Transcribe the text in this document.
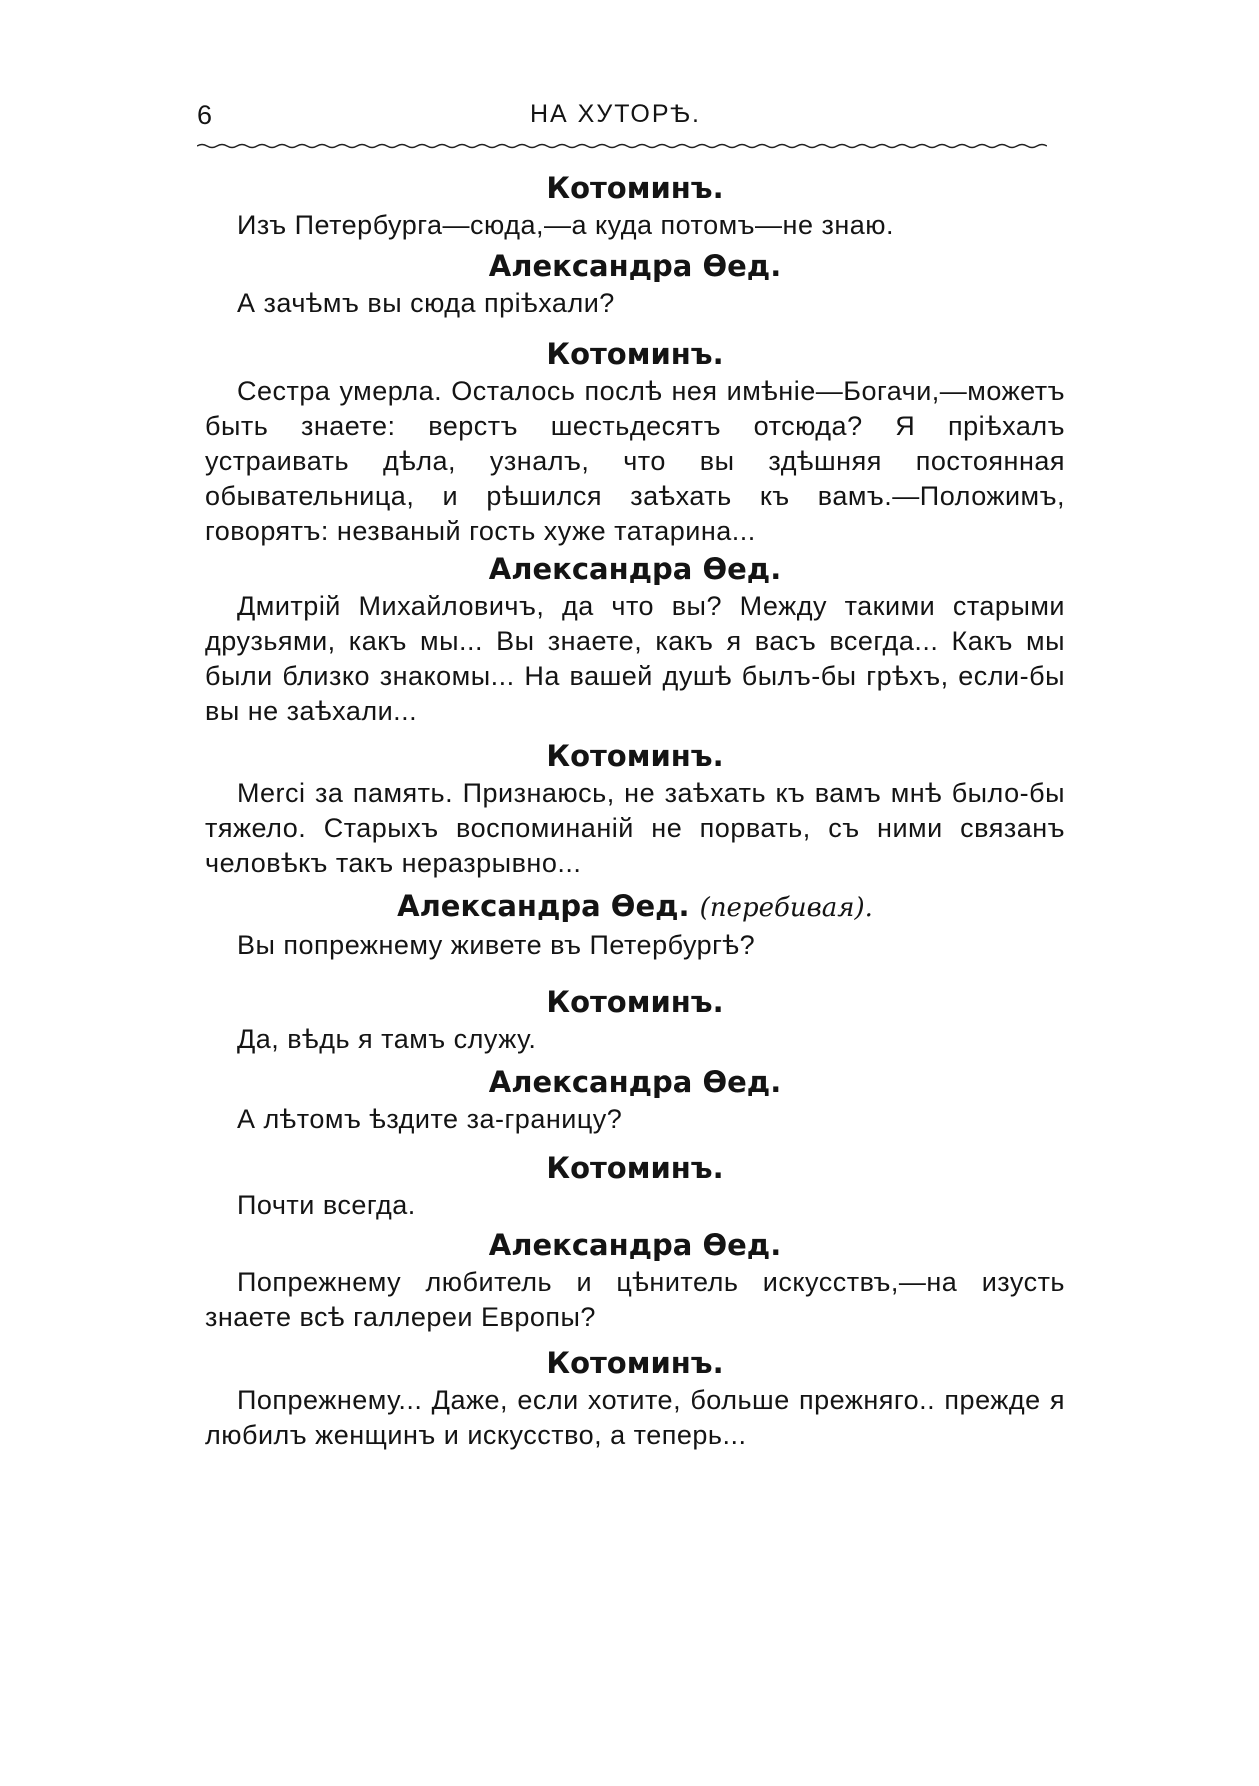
6	НА ХУТОРѢ.

Котоминъ.

Изъ Петербурга—сюда,—а куда потомъ—не знаю.

Александра Ѳед.

А зачѣмъ вы сюда пріѣхали?

Котоминъ.

Сестра умерла. Осталось послѣ нея имѣніе—Богачи,—можетъ быть знаете: верстъ шестьдесятъ отсюда? Я пріѣхалъ устраивать дѣла, узналъ, что вы здѣшняя постоянная обывательница, и рѣшился заѣхать къ вамъ.—Положимъ, говорятъ: незваный гость хуже татарина...

Александра Ѳед.

Дмитрій Михайловичъ, да что вы? Между такими старыми друзьями, какъ мы... Вы знаете, какъ я васъ всегда... Какъ мы были близко знакомы... На вашей душѣ былъ-бы грѣхъ, если-бы вы не заѣхали...

Котоминъ.

Merci за память. Признаюсь, не заѣхать къ вамъ мнѣ было-бы тяжело. Старыхъ воспоминаній не порвать, съ ними связанъ человѣкъ такъ неразрывно...

Александра Ѳед. (перебивая).

Вы попрежнему живете въ Петербургѣ?

Котоминъ.

Да, вѣдь я тамъ служу.

Александра Ѳед.

А лѣтомъ ѣздите за-границу?

Котоминъ.

Почти всегда.

Александра Ѳед.

Попрежнему любитель и цѣнитель искусствъ,—на изусть знаете всѣ галлереи Европы?

Котоминъ.

Попрежнему... Даже, если хотите, больше прежняго.. прежде я любилъ женщинъ и искусство, а теперь...
